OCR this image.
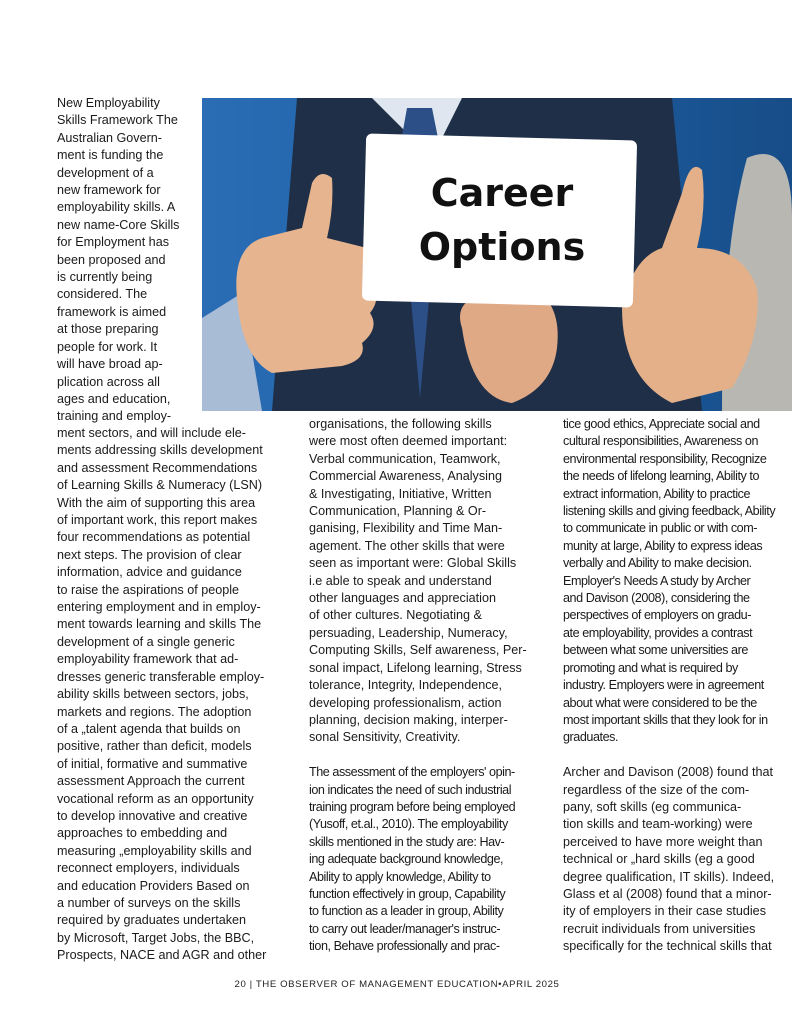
Career
Options
New Employability
Skills Framework The
Australian Govern-
ment is funding the
development of a
new framework for
employability skills. A
new name-Core Skills
for Employment has
been proposed and
is currently being
considered. The
framework is aimed
at those preparing
people for work. It
will have broad ap-
plication across all
ages and education,
training and employ-
ment sectors, and will include ele-
ments addressing skills development
and assessment Recommendations
of Learning Skills & Numeracy (LSN)
With the aim of supporting this area
of important work, this report makes
four recommendations as potential
next steps. The provision of clear
information, advice and guidance
to raise the aspirations of people
entering employment and in employ-
ment towards learning and skills The
development of a single generic
employability framework that ad-
dresses generic transferable employ-
ability skills between sectors, jobs,
markets and regions. The adoption
of a „talent agenda that builds on
positive, rather than deficit, models
of initial, formative and summative
assessment Approach the current
vocational reform as an opportunity
to develop innovative and creative
approaches to embedding and
measuring „employability skills and
reconnect employers, individuals
and education Providers Based on
a number of surveys on the skills
required by graduates undertaken
by Microsoft, Target Jobs, the BBC,
Prospects, NACE and AGR and other
organisations, the following skills
were most often deemed important:
Verbal communication, Teamwork,
Commercial Awareness, Analysing
& Investigating, Initiative, Written
Communication, Planning & Or-
ganising, Flexibility and Time Man-
agement. The other skills that were
seen as important were: Global Skills
i.e able to speak and understand
other languages and appreciation
of other cultures. Negotiating &
persuading, Leadership, Numeracy,
Computing Skills, Self awareness, Per-
sonal impact, Lifelong learning, Stress
tolerance, Integrity, Independence,
developing professionalism, action
planning, decision making, interper-
sonal Sensitivity, Creativity.
The assessment of the employers' opin-
ion indicates the need of such industrial
training program before being employed
(Yusoff, et.al., 2010). The employability
skills mentioned in the study are: Hav-
ing adequate background knowledge,
Ability to apply knowledge, Ability to
function effectively in group, Capability
to function as a leader in group, Ability
to carry out leader/manager's instruc-
tion, Behave professionally and prac-
tice good ethics, Appreciate social and
cultural responsibilities, Awareness on
environmental responsibility, Recognize
the needs of lifelong learning, Ability to
extract information, Ability to practice
listening skills and giving feedback, Ability
to communicate in public or with com-
munity at large, Ability to express ideas
verbally and Ability to make decision.
Employer's Needs A study by Archer
and Davison (2008), considering the
perspectives of employers on gradu-
ate employability, provides a contrast
between what some universities are
promoting and what is required by
industry. Employers were in agreement
about what were considered to be the
most important skills that they look for in
graduates.
Archer and Davison (2008) found that
regardless of the size of the com-
pany, soft skills (eg communica-
tion skills and team-working) were
perceived to have more weight than
technical or „hard skills (eg a good
degree qualification, IT skills). Indeed,
Glass et al (2008) found that a minor-
ity of employers in their case studies
recruit individuals from universities
specifically for the technical skills that
20 | THE OBSERVER OF MANAGEMENT EDUCATION•APRIL 2025
